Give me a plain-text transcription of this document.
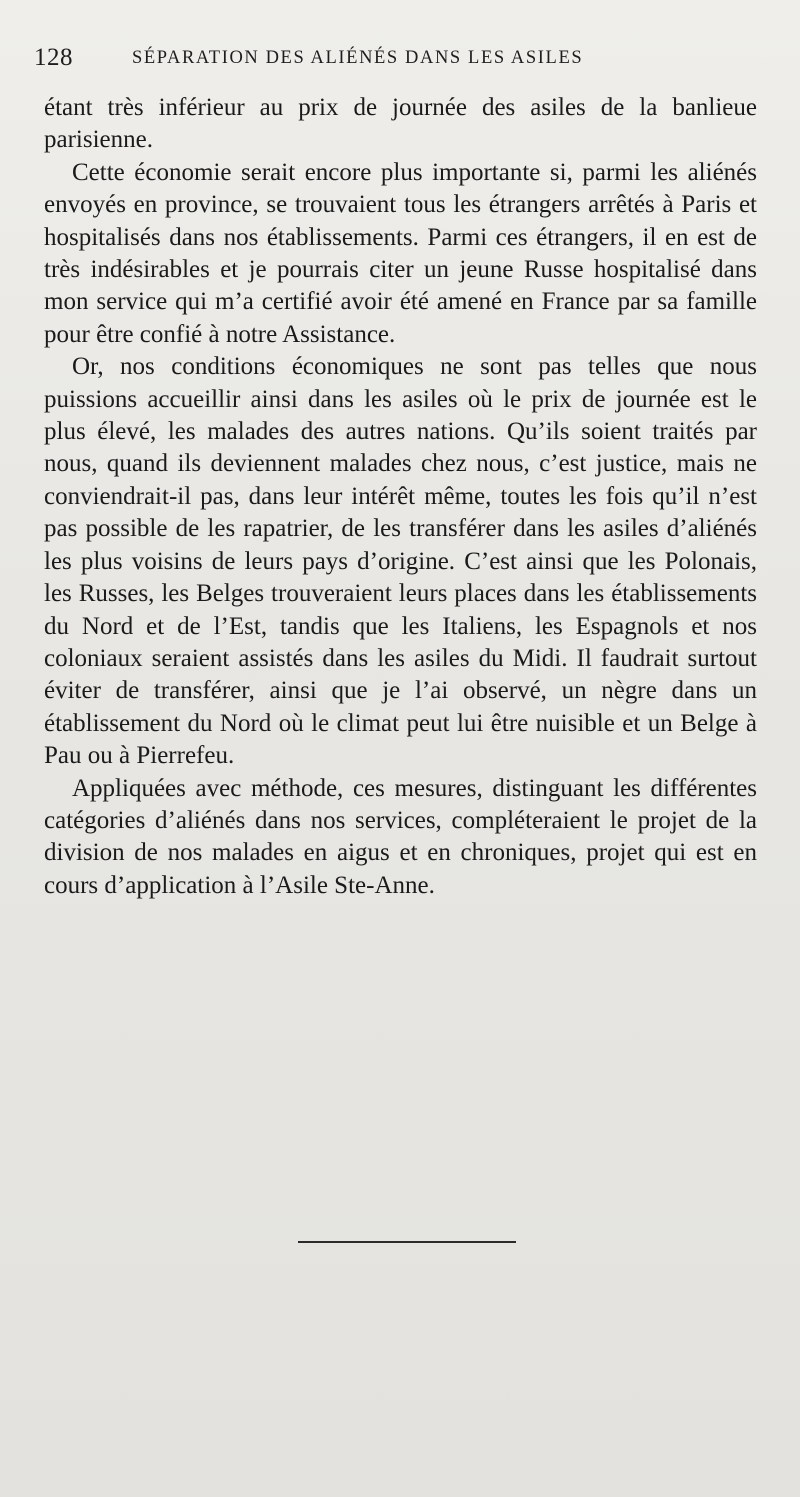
128	SÉPARATION DES ALIÉNÉS DANS LES ASILES

étant très inférieur au prix de journée des asiles de la banlieue parisienne.

Cette économie serait encore plus importante si, parmi les aliénés envoyés en province, se trouvaient tous les étrangers arrêtés à Paris et hospitalisés dans nos établissements. Parmi ces étrangers, il en est de très indésirables et je pourrais citer un jeune Russe hospitalisé dans mon service qui m’a certifié avoir été amené en France par sa famille pour être confié à notre Assistance.

Or, nos conditions économiques ne sont pas telles que nous puissions accueillir ainsi dans les asiles où le prix de journée est le plus élevé, les malades des autres nations. Qu’ils soient traités par nous, quand ils deviennent malades chez nous, c’est justice, mais ne conviendrait-il pas, dans leur intérêt même, toutes les fois qu’il n’est pas possible de les rapatrier, de les transférer dans les asiles d’aliénés les plus voisins de leurs pays d’origine. C’est ainsi que les Polonais, les Russes, les Belges trouveraient leurs places dans les établissements du Nord et de l’Est, tandis que les Italiens, les Espagnols et nos coloniaux seraient assistés dans les asiles du Midi. Il faudrait surtout éviter de transférer, ainsi que je l’ai observé, un nègre dans un établissement du Nord où le climat peut lui être nuisible et un Belge à Pau ou à Pierrefeu.

Appliquées avec méthode, ces mesures, distinguant les différentes catégories d’aliénés dans nos services, compléteraient le projet de la division de nos malades en aigus et en chroniques, projet qui est en cours d’application à l’Asile Ste-Anne.
